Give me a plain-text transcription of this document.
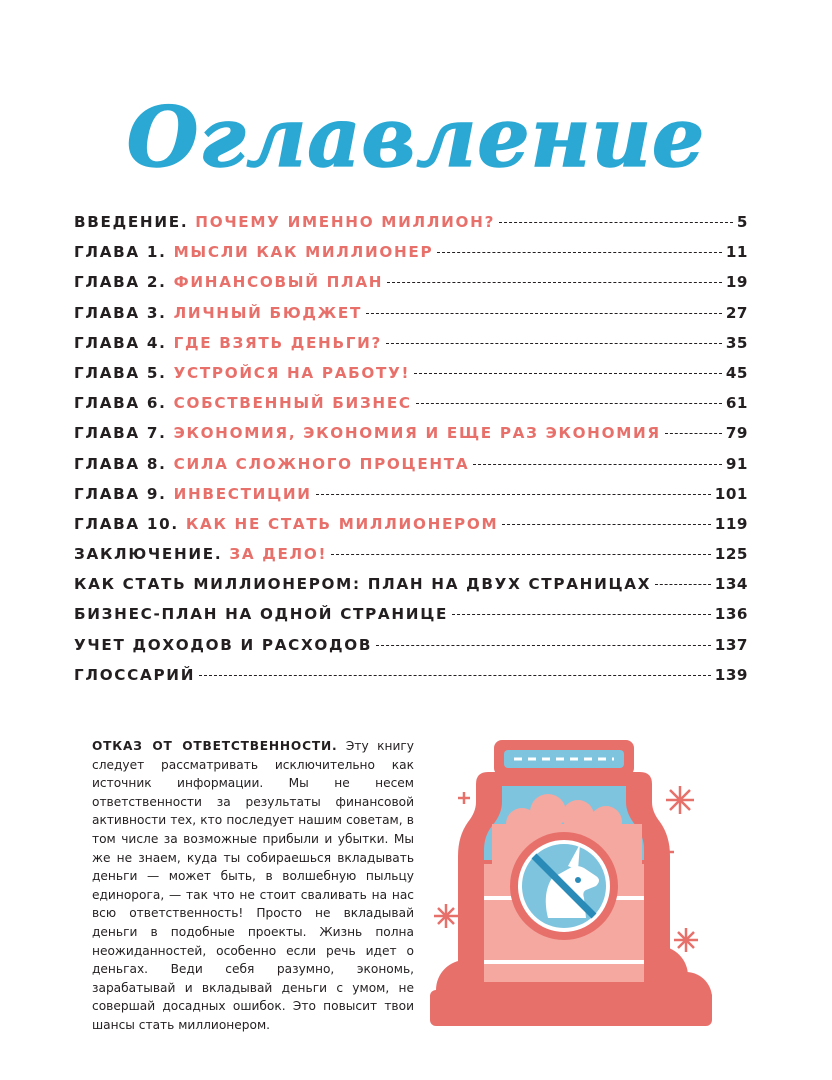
Оглавление
ВВЕДЕНИЕ. ПОЧЕМУ ИМЕННО МИЛЛИОН?	5
ГЛАВА 1. МЫСЛИ КАК МИЛЛИОНЕР	11
ГЛАВА 2. ФИНАНСОВЫЙ ПЛАН	19
ГЛАВА 3. ЛИЧНЫЙ БЮДЖЕТ	27
ГЛАВА 4. ГДЕ ВЗЯТЬ ДЕНЬГИ?	35
ГЛАВА 5. УСТРОЙСЯ НА РАБОТУ!	45
ГЛАВА 6. СОБСТВЕННЫЙ БИЗНЕС	61
ГЛАВА 7. ЭКОНОМИЯ, ЭКОНОМИЯ И ЕЩЕ РАЗ ЭКОНОМИЯ	79
ГЛАВА 8. СИЛА СЛОЖНОГО ПРОЦЕНТА	91
ГЛАВА 9. ИНВЕСТИЦИИ	101
ГЛАВА 10. КАК НЕ СТАТЬ МИЛЛИОНЕРОМ	119
ЗАКЛЮЧЕНИЕ. ЗА ДЕЛО!	125
КАК СТАТЬ МИЛЛИОНЕРОМ: ПЛАН НА ДВУХ СТРАНИЦАХ	134
БИЗНЕС-ПЛАН НА ОДНОЙ СТРАНИЦЕ	136
УЧЕТ ДОХОДОВ И РАСХОДОВ	137
ГЛОССАРИЙ	139
ОТКАЗ ОТ ОТВЕТСТВЕННОСТИ. Эту книгу следует рассматривать исключительно как источник информации. Мы не несем ответственности за результаты финансовой активности тех, кто последует нашим советам, в том числе за возможные прибыли и убытки. Мы же не знаем, куда ты собираешься вкладывать деньги — может быть, в волшебную пыльцу единорога, — так что не стоит сваливать на нас всю ответственность! Просто не вкладывай деньги в подобные проекты. Жизнь полна неожиданностей, особенно если речь идет о деньгах. Веди себя разумно, экономь, зарабатывай и вкладывай деньги с умом, не совершай досадных ошибок. Это повысит твои шансы стать миллионером.
